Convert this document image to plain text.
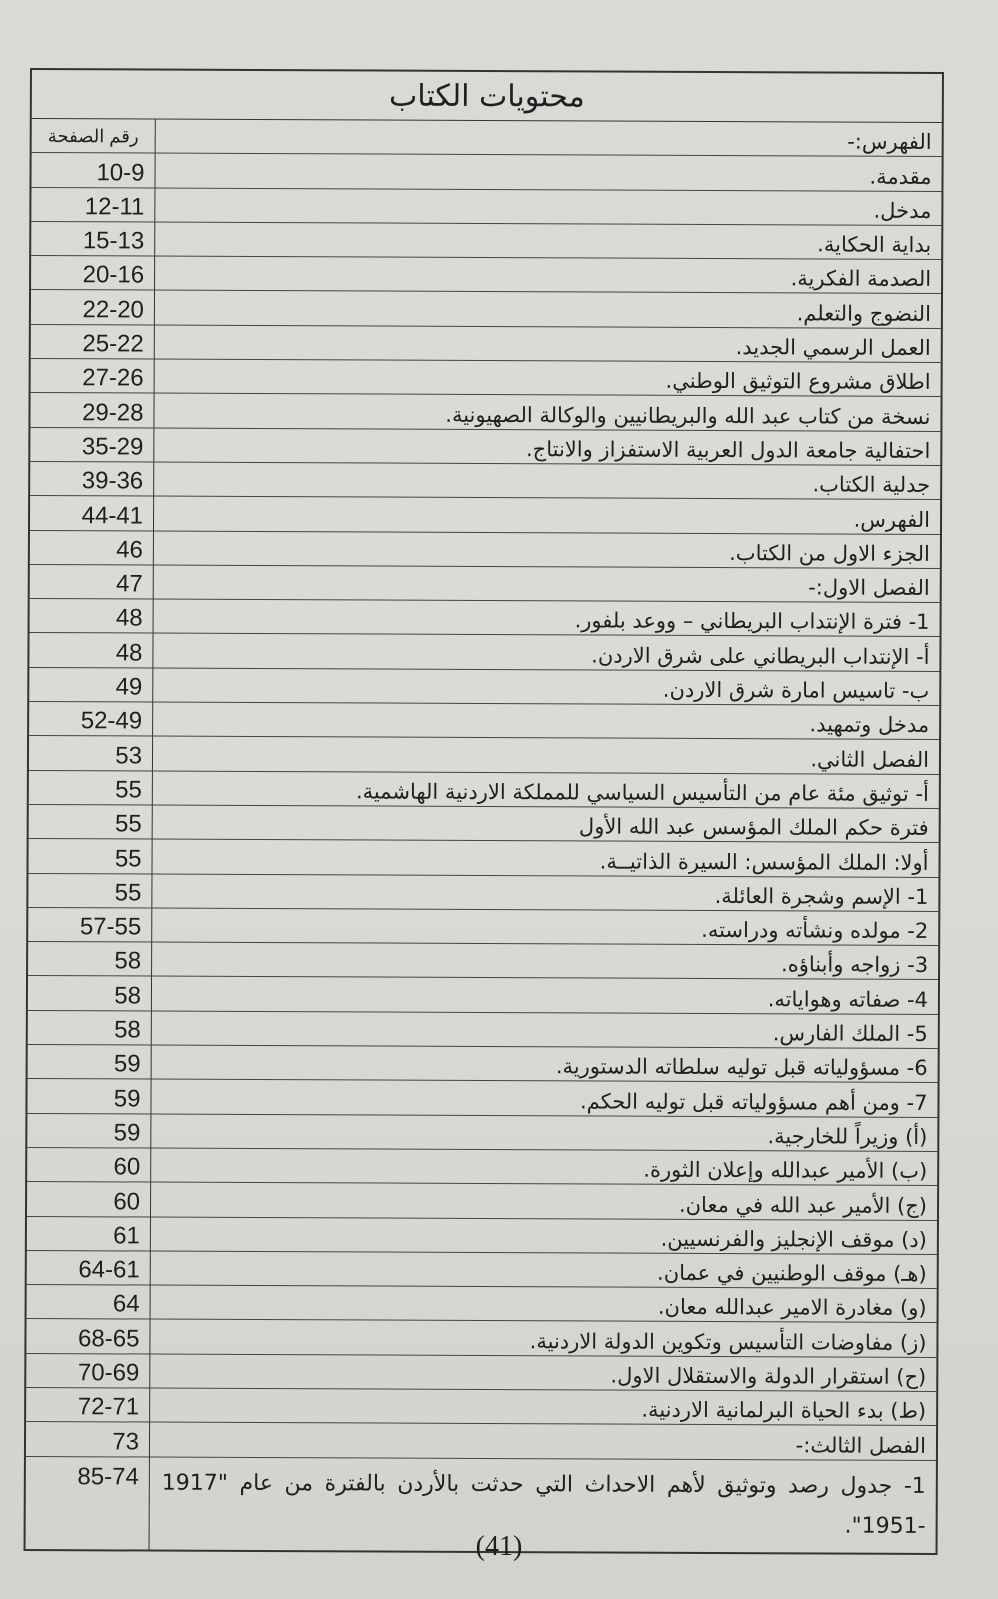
محتويات الكتاب
رقم الصفحة	الفهرس:-
10-9	مقدمة.
12-11	مدخل.
15-13	بداية الحكاية.
20-16	الصدمة الفكرية.
22-20	النضوج والتعلم.
25-22	العمل الرسمي الجديد.
27-26	اطلاق مشروع التوثيق الوطني.
29-28	نسخة من كتاب عبد الله والبريطانيين والوكالة الصهيونية.
35-29	احتفالية جامعة الدول العربية الاستفزاز والانتاج.
39-36	جدلية الكتاب.
44-41	الفهرس.
46	الجزء الاول من الكتاب.
47	الفصل الاول:-
48	1- فترة الإنتداب البريطاني – ووعد بلفور.
48	أ- الإنتداب البريطاني على شرق الاردن.
49	ب- تاسيس امارة شرق الاردن.
52-49	مدخل وتمهيد.
53	الفصل الثاني.
55	أ- توثيق مئة عام من التأسيس السياسي للمملكة الاردنية الهاشمية.
55	فترة حكم الملك المؤسس عبد الله الأول
55	أولا: الملك المؤسس: السيرة الذاتيــة.
55	1- الإسم وشجرة العائلة.
57-55	2- مولده ونشأته ودراسته.
58	3- زواجه وأبناؤه.
58	4- صفاته وهواياته.
58	5- الملك الفارس.
59	6- مسؤولياته قبل توليه سلطاته الدستورية.
59	7- ومن أهم مسؤولياته قبل توليه الحكم.
59	(أ) وزيراً للخارجية.
60	(ب) الأمير عبدالله وإعلان الثورة.
60	(ج) الأمير عبد الله في معان.
61	(د) موقف الإنجليز والفرنسيين.
64-61	(هـ) موقف الوطنيين في عمان.
64	(و) مغادرة الامير عبدالله معان.
68-65	(ز) مفاوضات التأسيس وتكوين الدولة الاردنية.
70-69	(ح) استقرار الدولة والاستقلال الاول.
72-71	(ط) بدء الحياة البرلمانية الاردنية.
73	الفصل الثالث:-
85-74	1- جدول رصد وتوثيق لأهم الاحداث التي حدثت بالأردن بالفترة من عام "1917 -1951".
(41)
